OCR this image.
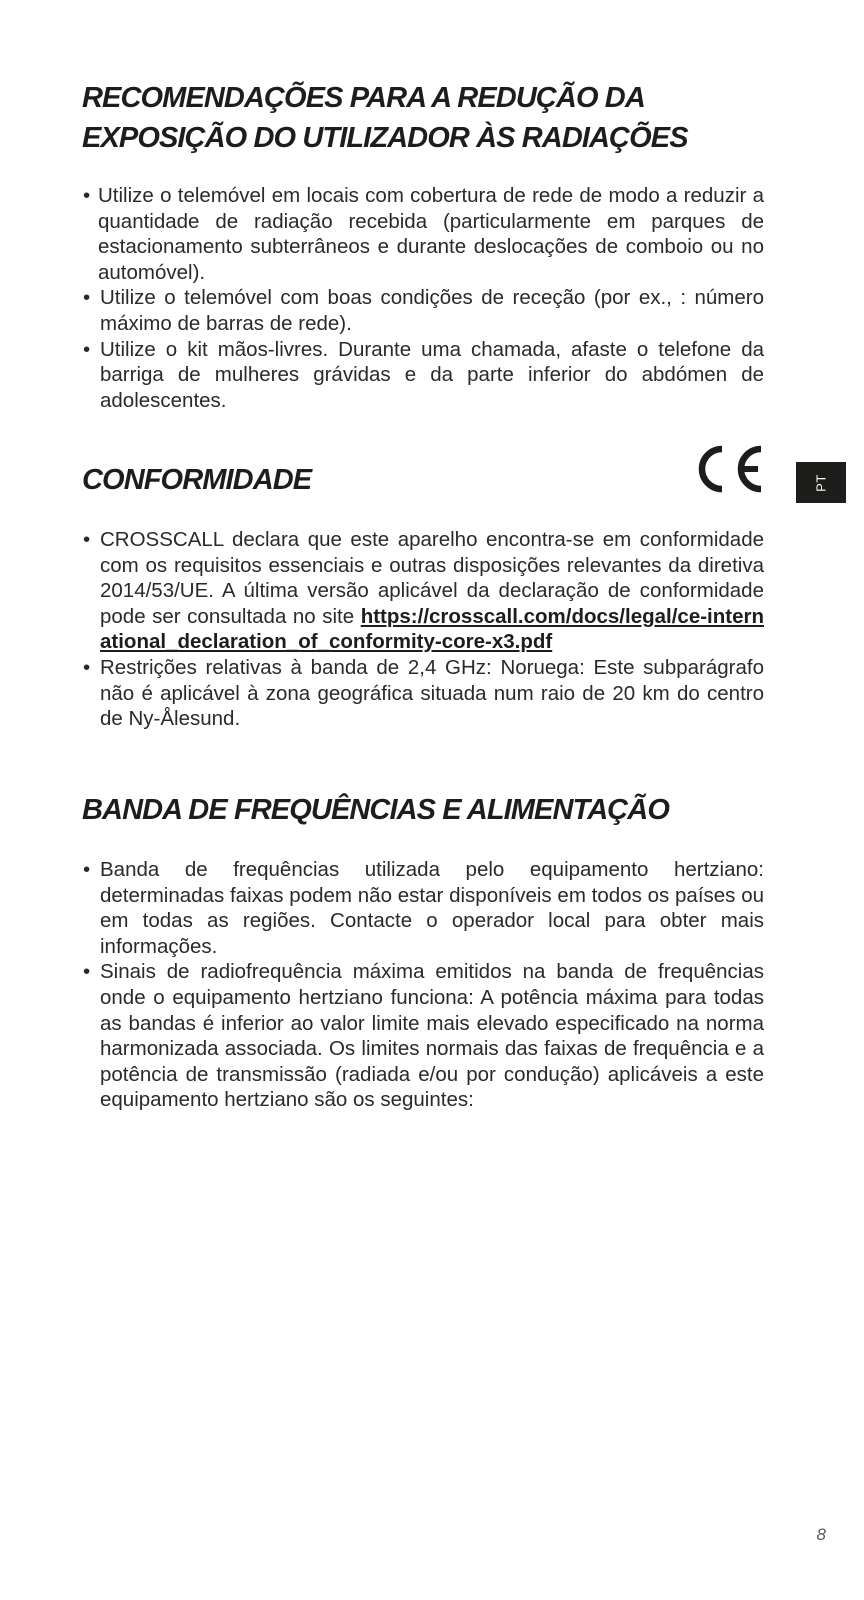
RECOMENDAÇÕES PARA A REDUÇÃO DA
EXPOSIÇÃO DO UTILIZADOR ÀS RADIAÇÕES
• Utilize o telemóvel em locais com cobertura de rede de modo a reduzir a quantidade de radiação recebida (particularmente em parques de estacionamento subterrâneos e durante deslocações de comboio ou no automóvel).
• Utilize o telemóvel com boas condições de receção (por ex., : número máximo de barras de rede).
• Utilize o kit mãos-livres. Durante uma chamada, afaste o telefone da barriga de mulheres grávidas e da parte inferior do abdómen de adolescentes.
CONFORMIDADE
• CROSSCALL declara que este aparelho encontra-se em conformidade com os requisitos essenciais e outras disposições relevantes da diretiva 2014/53/UE. A última versão aplicável da declaração de conformidade pode ser consultada no site https://crosscall.com/docs/legal/ce-international_declaration_of_conformity-core-x3.pdf
• Restrições relativas à banda de 2,4 GHz: Noruega: Este subparágrafo não é aplicável à zona geográfica situada num raio de 20 km do centro de Ny-Ålesund.
BANDA DE FREQUÊNCIAS E ALIMENTAÇÃO
• Banda de frequências utilizada pelo equipamento hertziano: determinadas faixas podem não estar disponíveis em todos os países ou em todas as regiões. Contacte o operador local para obter mais informações.
• Sinais de radiofrequência máxima emitidos na banda de frequências onde o equipamento hertziano funciona: A potência máxima para todas as bandas é inferior ao valor limite mais elevado especificado na norma harmonizada associada. Os limites normais das faixas de frequência e a potência de transmissão (radiada e/ou por condução) aplicáveis a este equipamento hertziano são os seguintes:
PT
8
